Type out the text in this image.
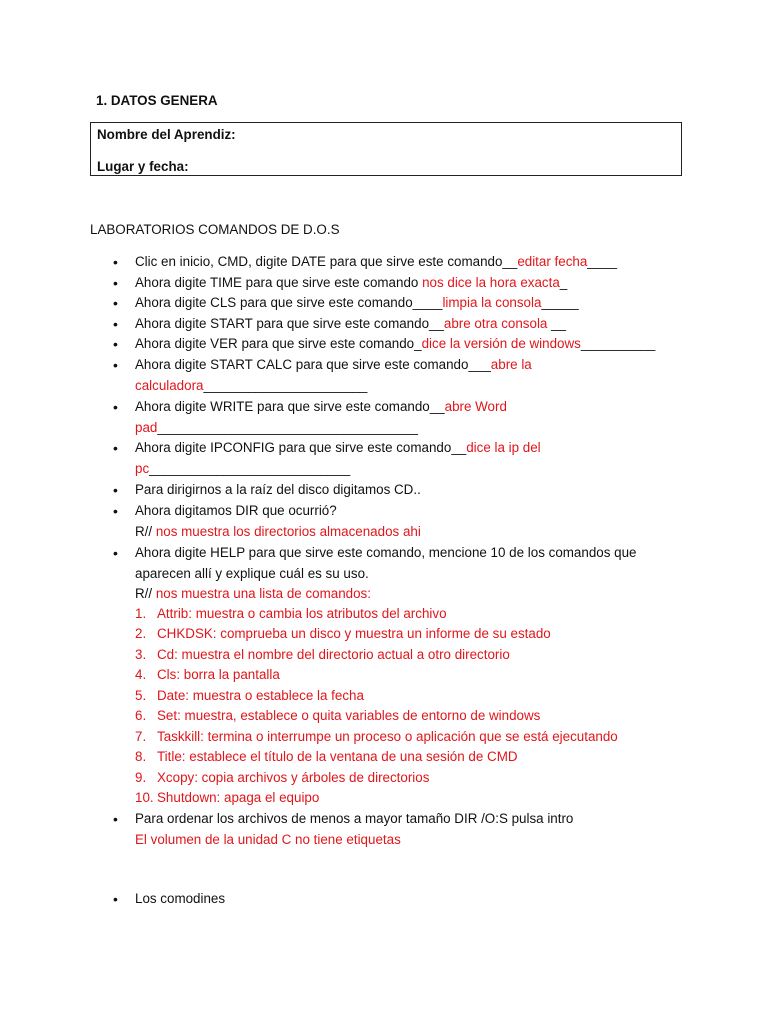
1. DATOS GENERA
Nombre del Aprendiz:
Lugar y fecha:
LABORATORIOS COMANDOS DE D.O.S
• Clic en inicio, CMD, digite DATE para que sirve este comando__editar fecha____
• Ahora digite TIME para que sirve este comando nos dice la hora exacta_
• Ahora digite CLS para que sirve este comando____limpia la consola_____
• Ahora digite START para que sirve este comando__abre otra consola __
• Ahora digite VER para que sirve este comando_dice la versión de windows__________
• Ahora digite START CALC para que sirve este comando___abre la
calculadora______________________
• Ahora digite WRITE para que sirve este comando__abre Word
pad___________________________________
• Ahora digite IPCONFIG para que sirve este comando__dice la ip del
pc___________________________
• Para dirigirnos a la raíz del disco digitamos CD..
• Ahora digitamos DIR que ocurrió?
R// nos muestra los directorios almacenados ahi
• Ahora digite HELP para que sirve este comando, mencione 10 de los comandos que
aparecen allí y explique cuál es su uso.
R// nos muestra una lista de comandos:
1. Attrib: muestra o cambia los atributos del archivo
2. CHKDSK: comprueba un disco y muestra un informe de su estado
3. Cd: muestra el nombre del directorio actual a otro directorio
4. Cls: borra la pantalla
5. Date: muestra o establece la fecha
6. Set: muestra, establece o quita variables de entorno de windows
7. Taskkill: termina o interrumpe un proceso o aplicación que se está ejecutando
8. Title: establece el título de la ventana de una sesión de CMD
9. Xcopy: copia archivos y árboles de directorios
10. Shutdown: apaga el equipo
• Para ordenar los archivos de menos a mayor tamaño DIR /O:S pulsa intro
El volumen de la unidad C no tiene etiquetas
• Los comodines
